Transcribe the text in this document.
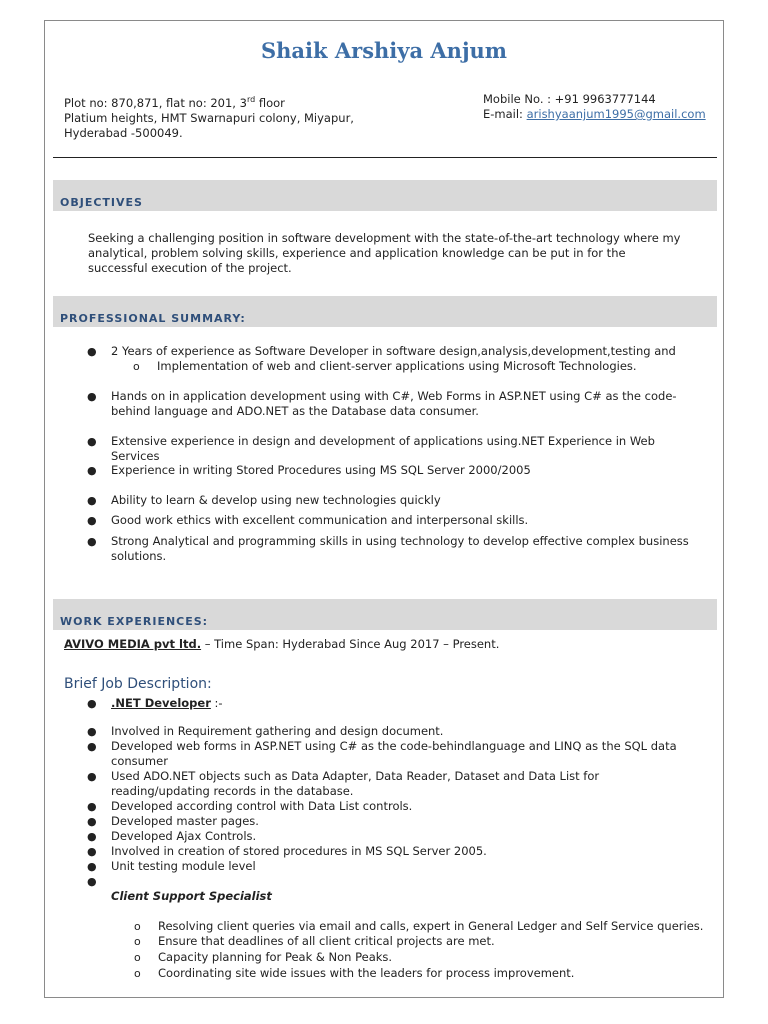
Shaik Arshiya Anjum
Plot no: 870,871, flat no: 201, 3rd floor
Platium heights, HMT Swarnapuri colony, Miyapur,
Hyderabad -500049.
Mobile No. : +91 9963777144
E-mail: arishyaanjum1995@gmail.com
OBJECTIVES
Seeking a challenging position in software development with the state-of-the-art technology where my analytical, problem solving skills, experience and application knowledge can be put in for the successful execution of the project.
PROFESSIONAL SUMMARY:
● 2 Years of experience as Software Developer in software design,analysis,development,testing and
o Implementation of web and client-server applications using Microsoft Technologies.
● Hands on in application development using with C#, Web Forms in ASP.NET using C# as the code-behind language and ADO.NET as the Database data consumer.
● Extensive experience in design and development of applications using.NET Experience in Web Services
● Experience in writing Stored Procedures using MS SQL Server 2000/2005
● Ability to learn & develop using new technologies quickly
● Good work ethics with excellent communication and interpersonal skills.
● Strong Analytical and programming skills in using technology to develop effective complex business solutions.
WORK EXPERIENCES:
AVIVO MEDIA pvt ltd. – Time Span: Hyderabad Since Aug 2017 – Present.
Brief Job Description:
● .NET Developer :-
● Involved in Requirement gathering and design document.
● Developed web forms in ASP.NET using C# as the code-behindlanguage and LINQ as the SQL data consumer
● Used ADO.NET objects such as Data Adapter, Data Reader, Dataset and Data List for reading/updating records in the database.
● Developed according control with Data List controls.
● Developed master pages.
● Developed Ajax Controls.
● Involved in creation of stored procedures in MS SQL Server 2005.
● Unit testing module level
●
Client Support Specialist
o Resolving client queries via email and calls, expert in General Ledger and Self Service queries.
o Ensure that deadlines of all client critical projects are met.
o Capacity planning for Peak & Non Peaks.
o Coordinating site wide issues with the leaders for process improvement.
